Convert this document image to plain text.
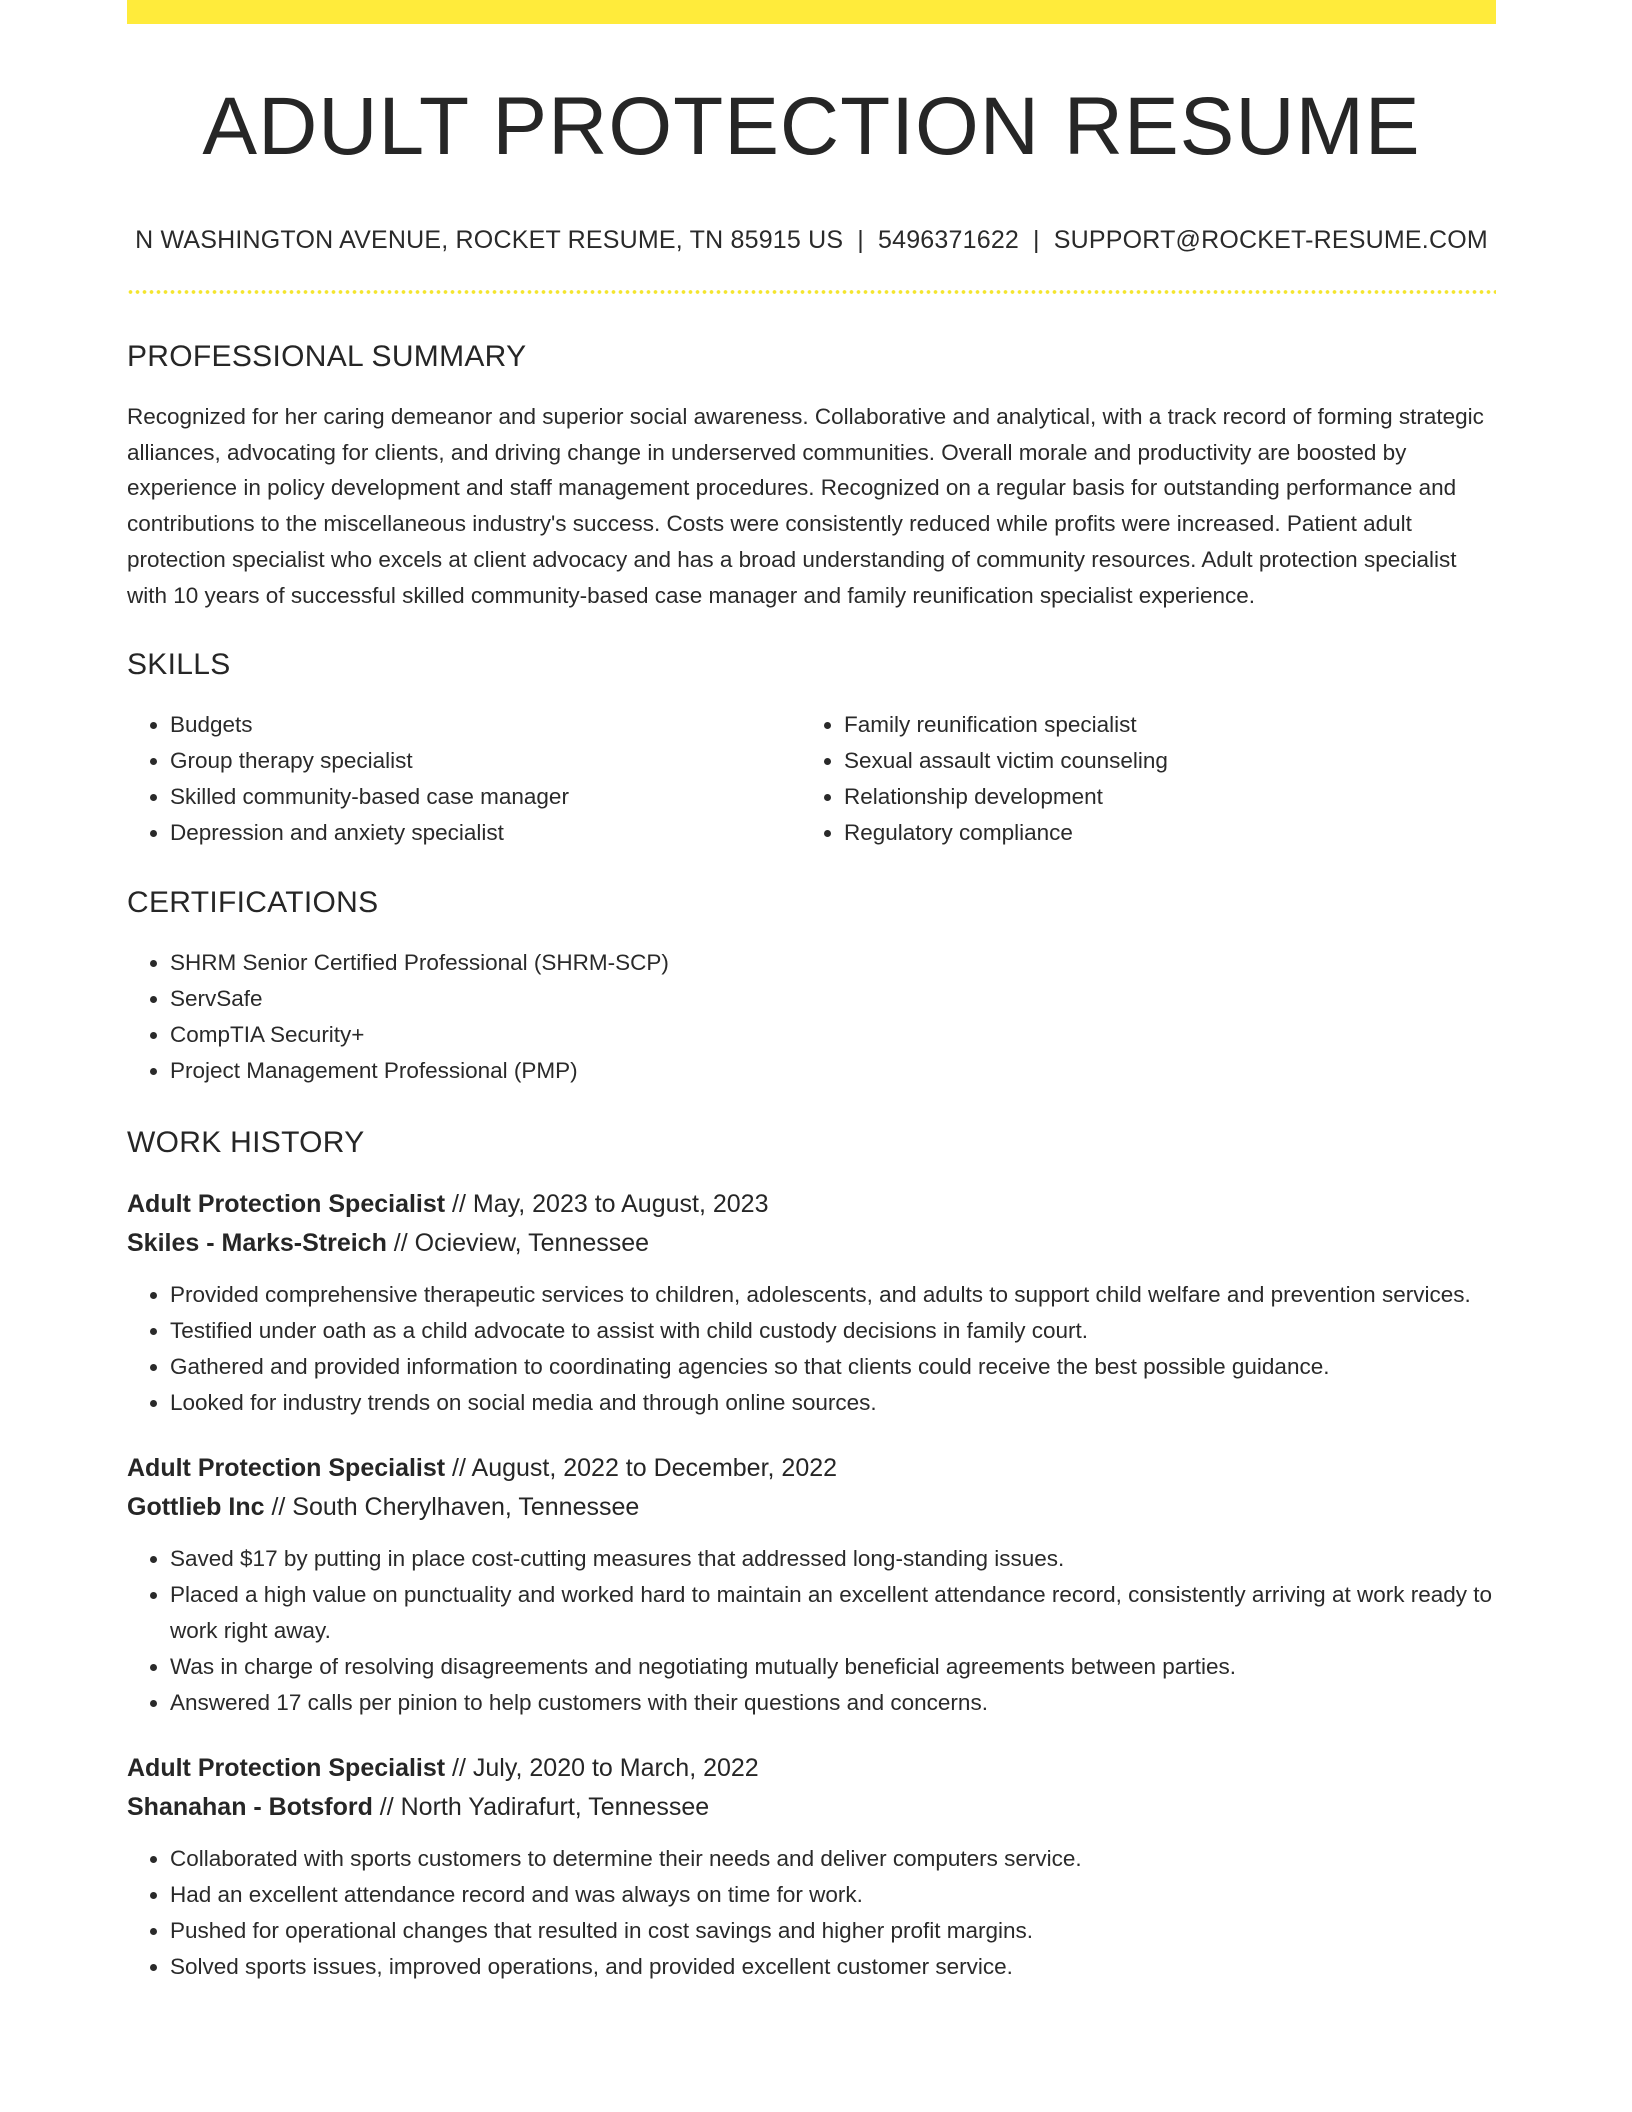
ADULT PROTECTION RESUME
N WASHINGTON AVENUE, ROCKET RESUME, TN 85915 US | 5496371622 | SUPPORT@ROCKET-RESUME.COM
PROFESSIONAL SUMMARY
Recognized for her caring demeanor and superior social awareness. Collaborative and analytical, with a track record of forming strategic alliances, advocating for clients, and driving change in underserved communities. Overall morale and productivity are boosted by experience in policy development and staff management procedures. Recognized on a regular basis for outstanding performance and contributions to the miscellaneous industry's success. Costs were consistently reduced while profits were increased. Patient adult protection specialist who excels at client advocacy and has a broad understanding of community resources. Adult protection specialist with 10 years of successful skilled community-based case manager and family reunification specialist experience.
SKILLS
• Budgets
• Group therapy specialist
• Skilled community-based case manager
• Depression and anxiety specialist
• Family reunification specialist
• Sexual assault victim counseling
• Relationship development
• Regulatory compliance
CERTIFICATIONS
• SHRM Senior Certified Professional (SHRM-SCP)
• ServSafe
• CompTIA Security+
• Project Management Professional (PMP)
WORK HISTORY
Adult Protection Specialist // May, 2023 to August, 2023
Skiles - Marks-Streich // Ocieview, Tennessee
• Provided comprehensive therapeutic services to children, adolescents, and adults to support child welfare and prevention services.
• Testified under oath as a child advocate to assist with child custody decisions in family court.
• Gathered and provided information to coordinating agencies so that clients could receive the best possible guidance.
• Looked for industry trends on social media and through online sources.
Adult Protection Specialist // August, 2022 to December, 2022
Gottlieb Inc // South Cherylhaven, Tennessee
• Saved $17 by putting in place cost-cutting measures that addressed long-standing issues.
• Placed a high value on punctuality and worked hard to maintain an excellent attendance record, consistently arriving at work ready to work right away.
• Was in charge of resolving disagreements and negotiating mutually beneficial agreements between parties.
• Answered 17 calls per pinion to help customers with their questions and concerns.
Adult Protection Specialist // July, 2020 to March, 2022
Shanahan - Botsford // North Yadirafurt, Tennessee
• Collaborated with sports customers to determine their needs and deliver computers service.
• Had an excellent attendance record and was always on time for work.
• Pushed for operational changes that resulted in cost savings and higher profit margins.
• Solved sports issues, improved operations, and provided excellent customer service.
